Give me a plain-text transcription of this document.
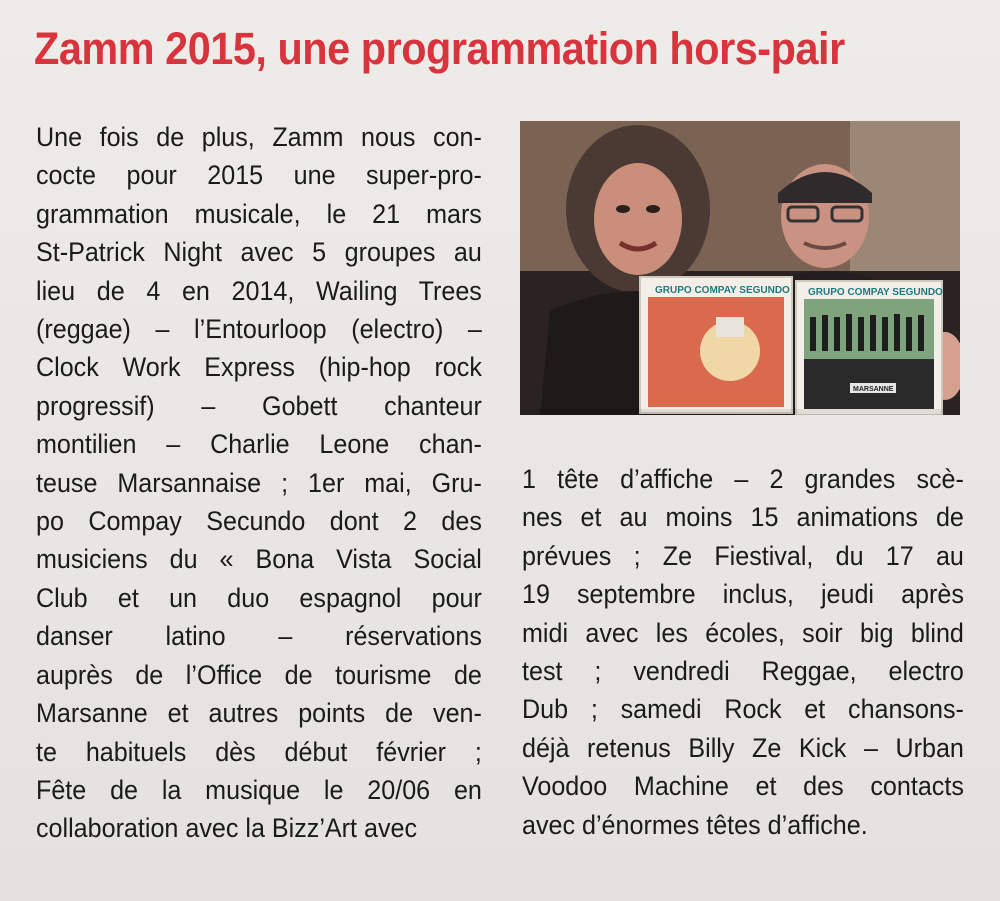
Zamm 2015, une programmation hors-pair
Une fois de plus, Zamm nous con-
cocte pour 2015 une super-pro-
grammation musicale, le 21 mars
St-Patrick Night avec 5 groupes au
lieu de 4 en 2014, Wailing Trees
(reggae) – l’Entourloop (electro) –
Clock Work Express (hip-hop rock
progressif) – Gobett chanteur
montilien – Charlie Leone chan-
teuse Marsannaise ; 1er mai, Gru-
po Compay Secundo dont 2 des
musiciens du « Bona Vista Social
Club et un duo espagnol pour
danser latino – réservations
auprès de l’Office de tourisme de
Marsanne et autres points de ven-
te habituels dès début février ;
Fête de la musique le 20/06 en
collaboration avec la Bizz’Art avec
GRUPO COMPAY SEGUNDO GRUPO COMPAY SEGUNDO
MARSANNE
1 tête d’affiche – 2 grandes scè-
nes et au moins 15 animations de
prévues ; Ze Fiestival, du 17 au
19 septembre inclus, jeudi après
midi avec les écoles, soir big blind
test ; vendredi Reggae, electro
Dub ; samedi Rock et chansons-
déjà retenus Billy Ze Kick – Urban
Voodoo Machine et des contacts
avec d’énormes têtes d’affiche.
